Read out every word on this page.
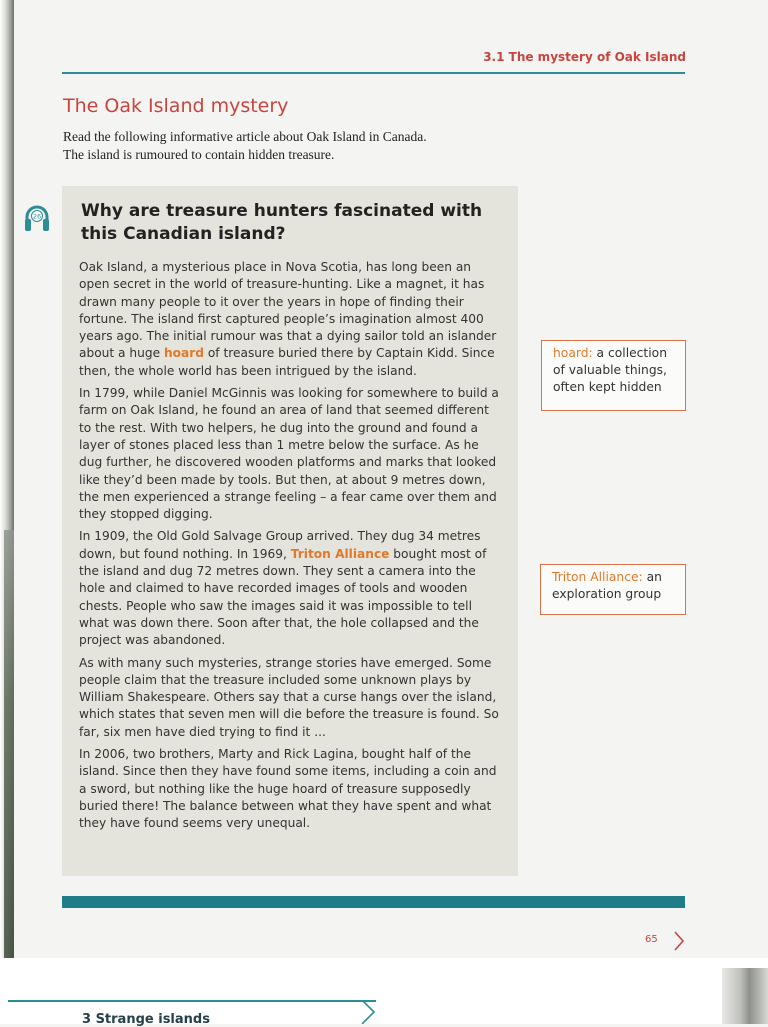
3.1 The mystery of Oak Island
The Oak Island mystery
Read the following informative article about Oak Island in Canada.
The island is rumoured to contain hidden treasure.
26 Why are treasure hunters fascinated with this Canadian island?

Oak Island, a mysterious place in Nova Scotia, has long been an open secret in the world of treasure-hunting. Like a magnet, it has drawn many people to it over the years in hope of finding their fortune. The island first captured people’s imagination almost 400 years ago. The initial rumour was that a dying sailor told an islander about a huge hoard of treasure buried there by Captain Kidd. Since then, the whole world has been intrigued by the island.

In 1799, while Daniel McGinnis was looking for somewhere to build a farm on Oak Island, he found an area of land that seemed different to the rest. With two helpers, he dug into the ground and found a layer of stones placed less than 1 metre below the surface. As he dug further, he discovered wooden platforms and marks that looked like they’d been made by tools. But then, at about 9 metres down, the men experienced a strange feeling – a fear came over them and they stopped digging.

In 1909, the Old Gold Salvage Group arrived. They dug 34 metres down, but found nothing. In 1969, Triton Alliance bought most of the island and dug 72 metres down. They sent a camera into the hole and claimed to have recorded images of tools and wooden chests. People who saw the images said it was impossible to tell what was down there. Soon after that, the hole collapsed and the project was abandoned.

As with many such mysteries, strange stories have emerged. Some people claim that the treasure included some unknown plays by William Shakespeare. Others say that a curse hangs over the island, which states that seven men will die before the treasure is found. So far, six men have died trying to find it ...

In 2006, two brothers, Marty and Rick Lagina, bought half of the island. Since then they have found some items, including a coin and a sword, but nothing like the huge hoard of treasure supposedly buried there! The balance between what they have spent and what they have found seems very unequal.

hoard: a collection of valuable things, often kept hidden
Triton Alliance: an exploration group
65
3 Strange islands
